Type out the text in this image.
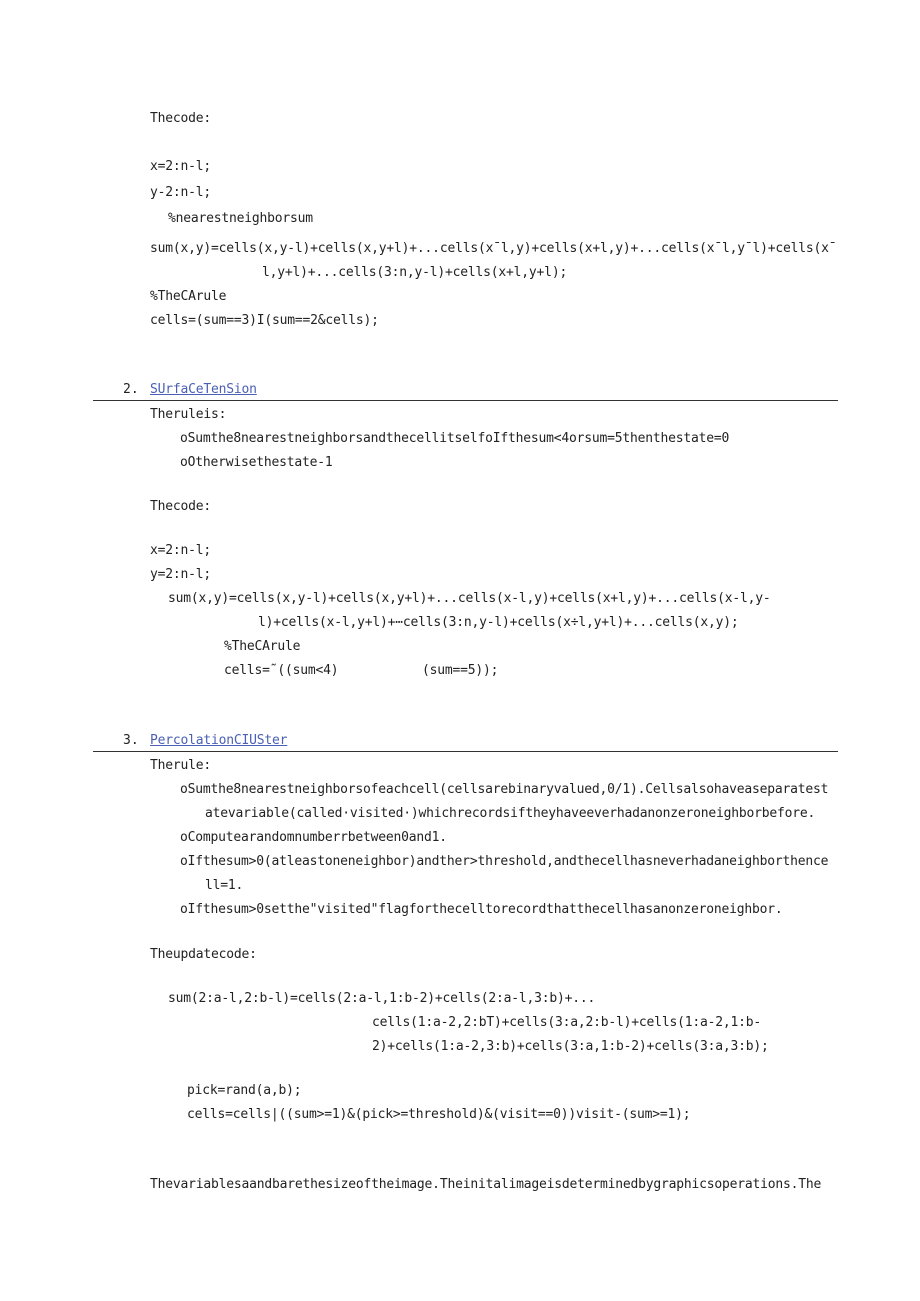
Thecode:
x=2:n-l;
y-2:n-l;
%nearestneighborsum
sum(x,y)=cells(x,y-l)+cells(x,y+l)+...cells(xˉl,y)+cells(x+l,y)+...cells(xˉl,yˉl)+cells(xˉ
l,y+l)+...cells(3:n,y-l)+cells(x+l,y+l);
%TheCArule
cells=(sum==3)I(sum==2&cells);
2. SUrfaCeTenSion
Theruleis:
oSumthe8nearestneighborsandthecellitselfoIfthesum<4orsum=5thenthestate=0
oOtherwisethestate-1
Thecode:
x=2:n-l;
y=2:n-l;
sum(x,y)=cells(x,y-l)+cells(x,y+l)+...cells(х-l,y)+cells(x+l,y)+...cells(х-l,y-
l)+cells(х-l,y+l)+⋯cells(3:n,y-l)+cells(x÷l,y+l)+...cells(x,y);
%TheCArule
cells=˜((sum<4)	(sum==5));
3. PercolationCIUSter
Therule:
oSumthe8nearestneighborsofeachcell(cellsarebinaryvalued,0/1).Cellsalsohaveaseparatest
atevariable(called·visited·)whichrecordsiftheyhaveeverhadanonzeroneighborbefore.
oComputearandomnumberrbetween0and1.
oIfthesum>0(atleastoneneighbor)andther>threshold,andthecellhasneverhadaneighborthence
ll=1.
oIfthesum>0setthe"visited"flagforthecelltorecordthatthecellhasanonzeroneighbor.
Theupdatecode:
sum(2:a-l,2:b-l)=cells(2:a-l,1:b-2)+cells(2:a-l,3:b)+...
cells(1:a-2,2:bT)+cells(3:a,2:b-l)+cells(1:a-2,1:b-
2)+cells(1:a-2,3:b)+cells(3:a,1:b-2)+cells(3:a,3:b);
pick=rand(a,b);
cells=cells|((sum>=1)&(pick>=threshold)&(visit==0))visit-(sum>=1);
Thevariablesaandbarethesizeoftheimage.Theinitalimageisdeterminedbygraphicsoperations.The
